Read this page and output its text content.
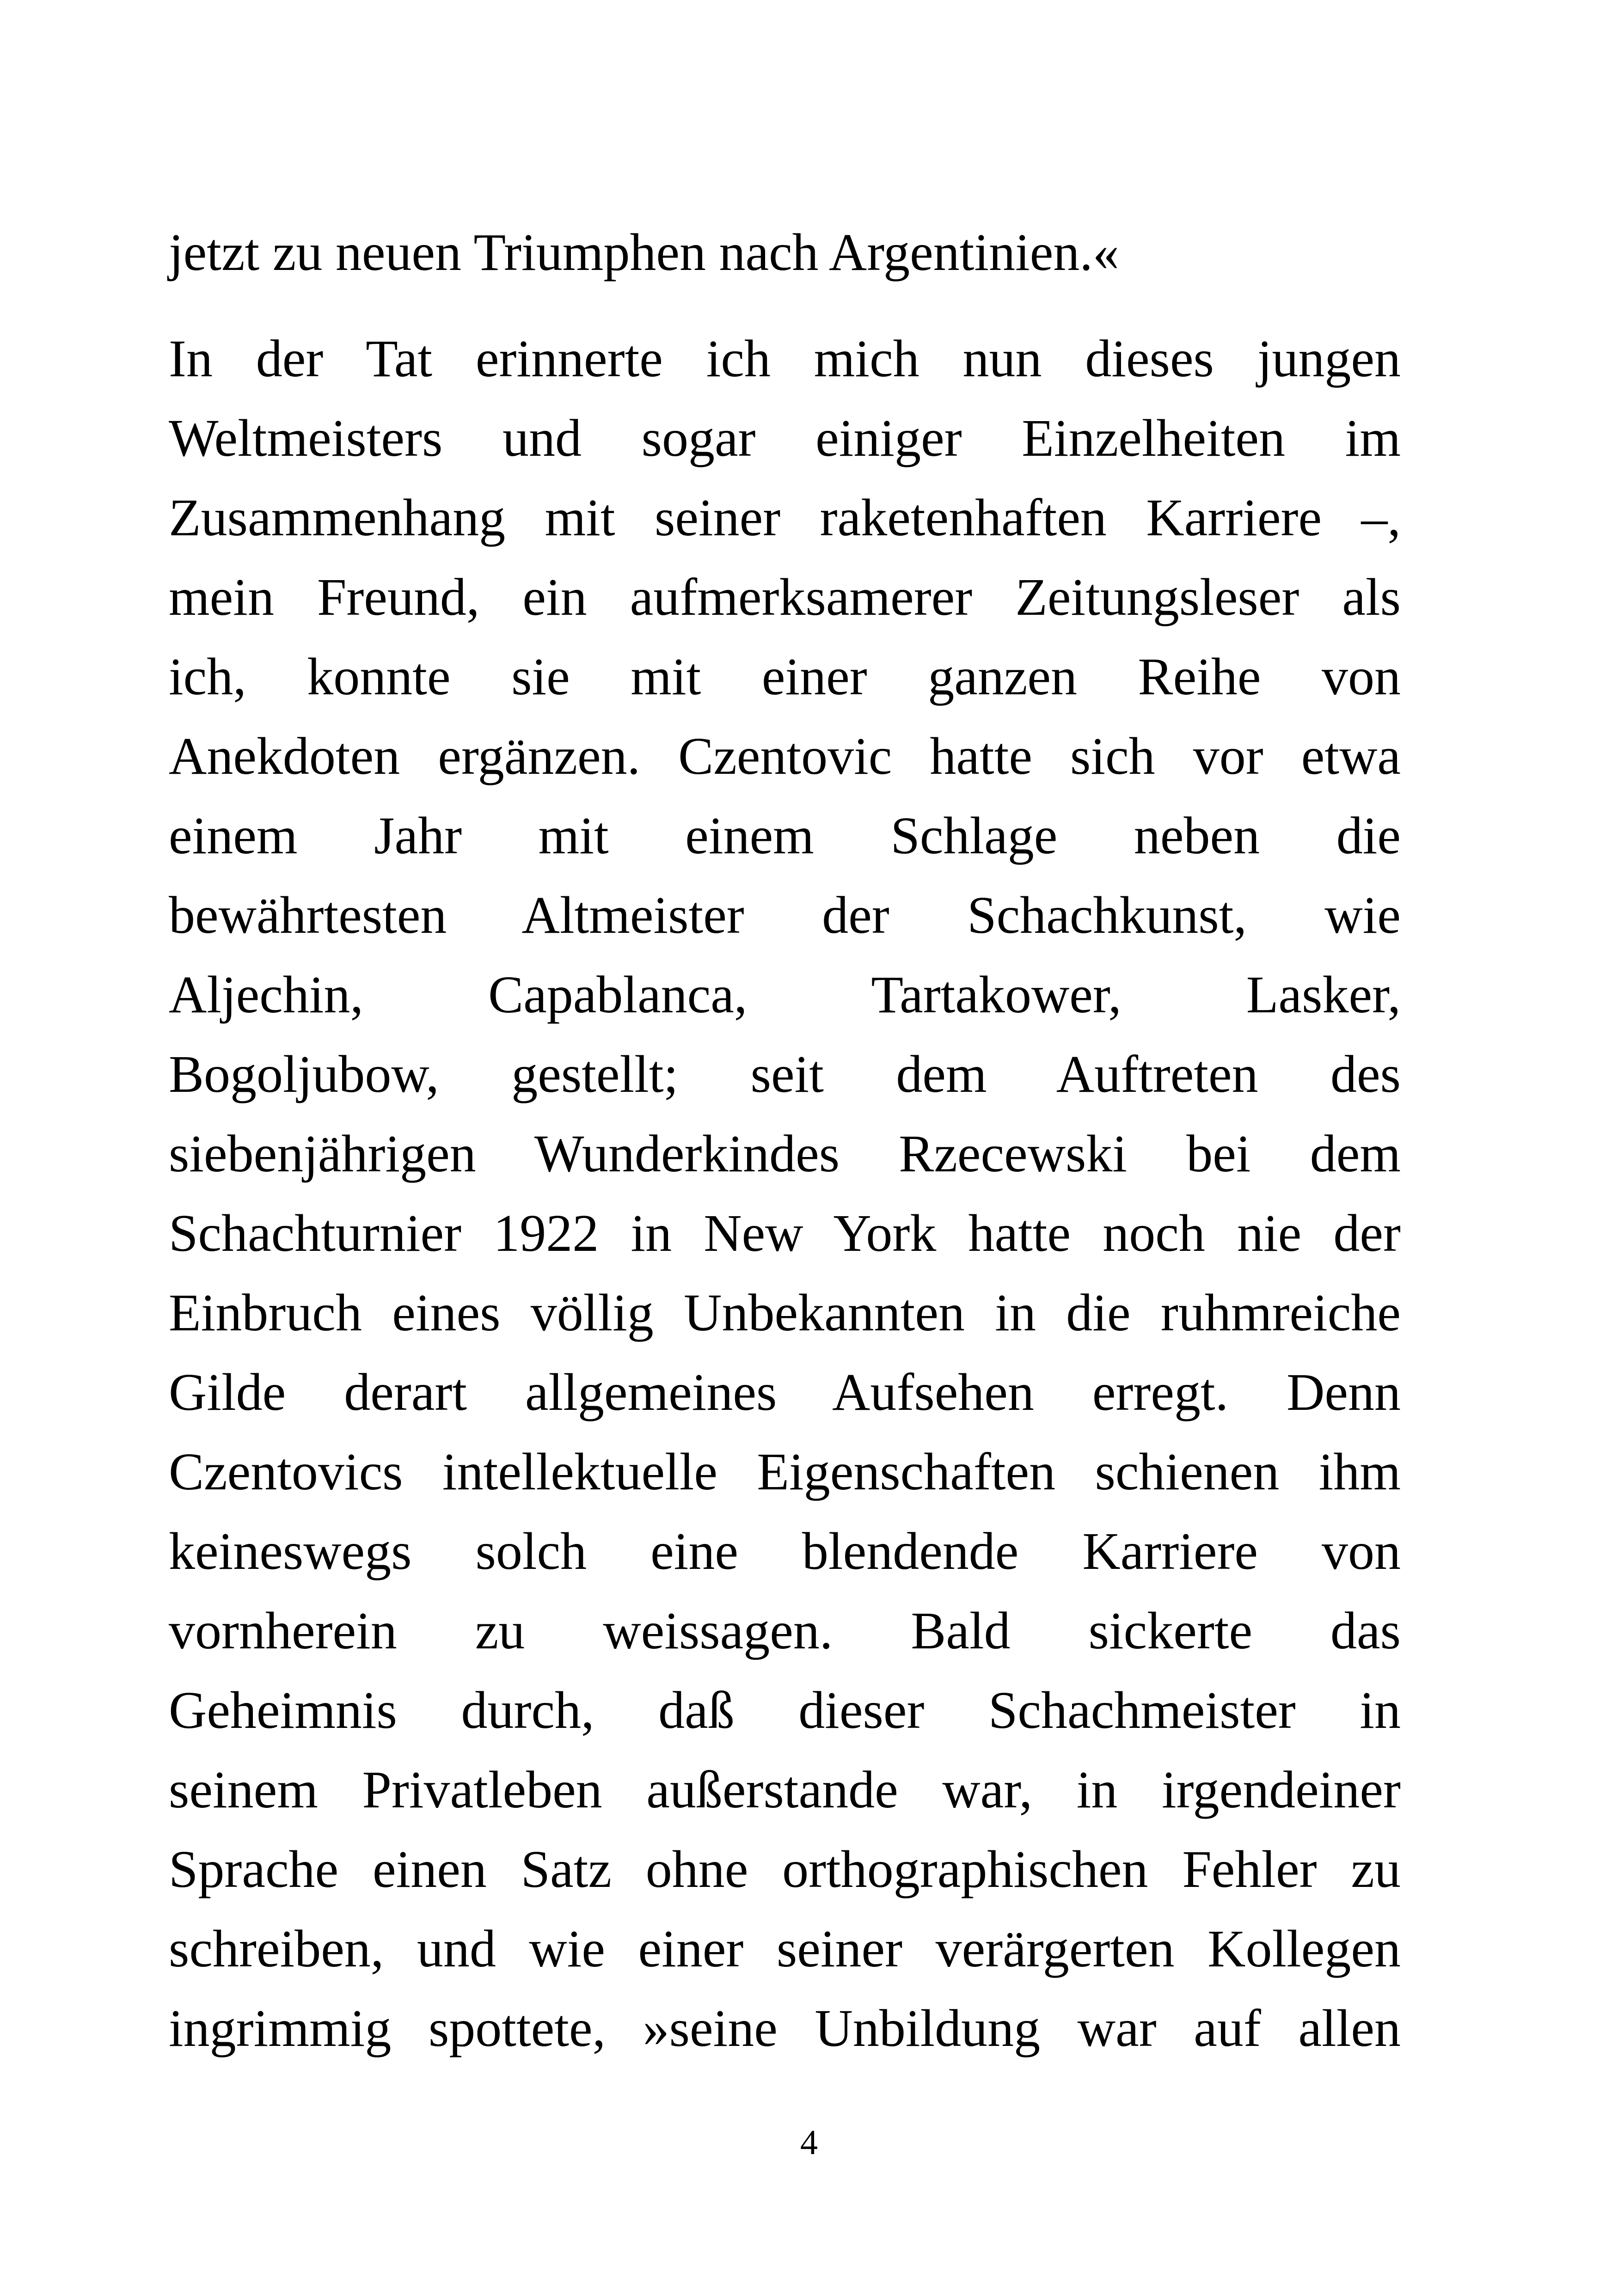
jetzt zu neuen Triumphen nach Argentinien.«
In der Tat erinnerte ich mich nun dieses jungen
Weltmeisters und sogar einiger Einzelheiten im
Zusammenhang mit seiner raketenhaften Karriere –,
mein Freund, ein aufmerksamerer Zeitungsleser als
ich, konnte sie mit einer ganzen Reihe von
Anekdoten ergänzen. Czentovic hatte sich vor etwa
einem Jahr mit einem Schlage neben die
bewährtesten Altmeister der Schachkunst, wie
Aljechin, Capablanca, Tartakower, Lasker,
Bogoljubow, gestellt; seit dem Auftreten des
siebenjährigen Wunderkindes Rzecewski bei dem
Schachturnier 1922 in New York hatte noch nie der
Einbruch eines völlig Unbekannten in die ruhmreiche
Gilde derart allgemeines Aufsehen erregt. Denn
Czentovics intellektuelle Eigenschaften schienen ihm
keineswegs solch eine blendende Karriere von
vornherein zu weissagen. Bald sickerte das
Geheimnis durch, daß dieser Schachmeister in
seinem Privatleben außerstande war, in irgendeiner
Sprache einen Satz ohne orthographischen Fehler zu
schreiben, und wie einer seiner verärgerten Kollegen
ingrimmig spottete, »seine Unbildung war auf allen
4
